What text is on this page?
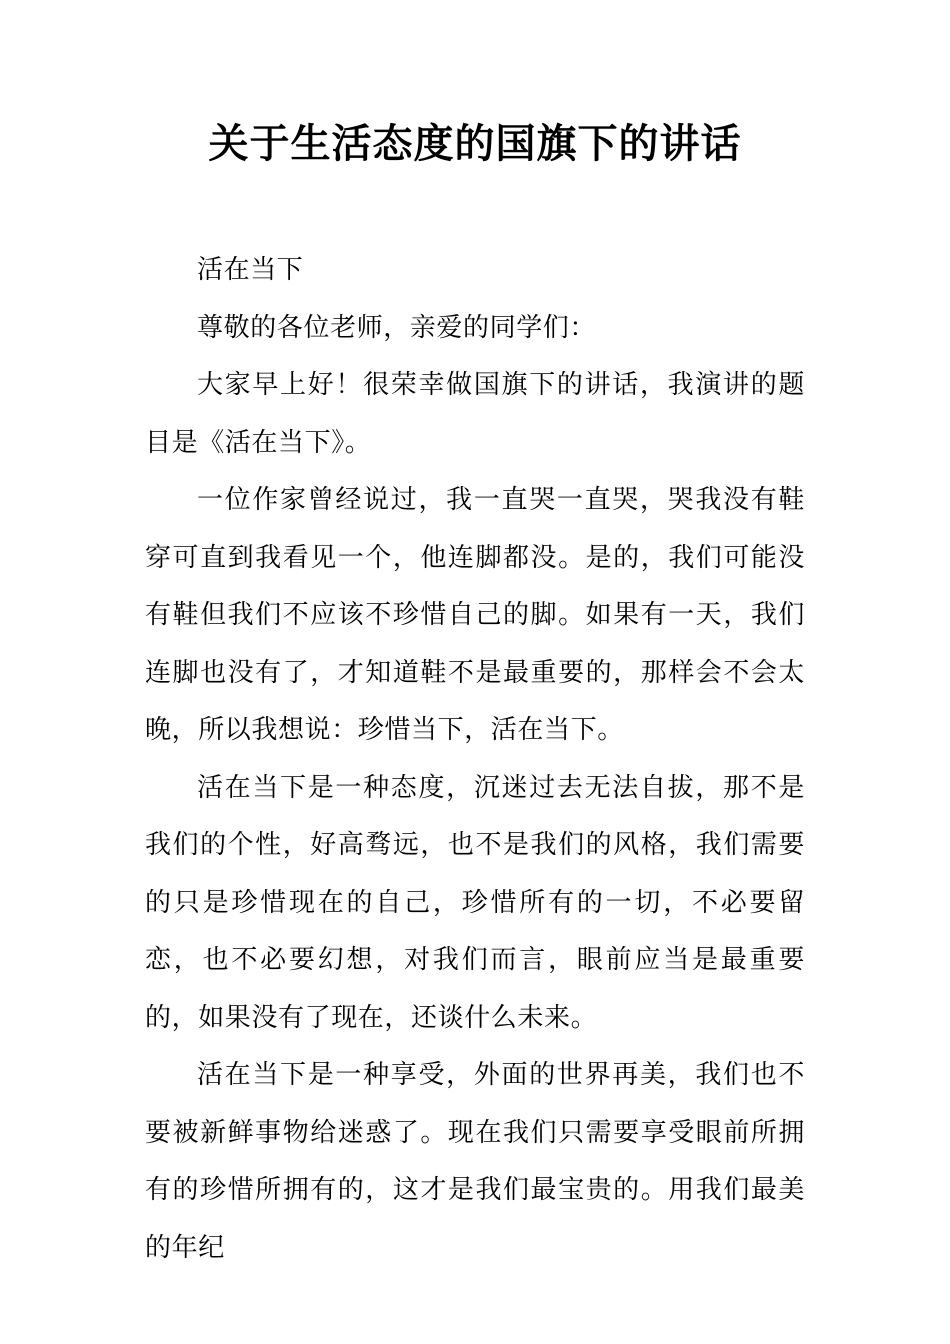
关于生活态度的国旗下的讲话

活在当下

尊敬的各位老师，亲爱的同学们：

大家早上好！很荣幸做国旗下的讲话，我演讲的题目是《活在当下》。

一位作家曾经说过，我一直哭一直哭，哭我没有鞋穿可直到我看见一个，他连脚都没。是的，我们可能没有鞋但我们不应该不珍惜自己的脚。如果有一天，我们连脚也没有了，才知道鞋不是最重要的，那样会不会太晚，所以我想说：珍惜当下，活在当下。

活在当下是一种态度，沉迷过去无法自拔，那不是我们的个性，好高骛远，也不是我们的风格，我们需要的只是珍惜现在的自己，珍惜所有的一切，不必要留恋，也不必要幻想，对我们而言，眼前应当是最重要的，如果没有了现在，还谈什么未来。

活在当下是一种享受，外面的世界再美，我们也不要被新鲜事物给迷惑了。现在我们只需要享受眼前所拥有的珍惜所拥有的，这才是我们最宝贵的。用我们最美的年纪
